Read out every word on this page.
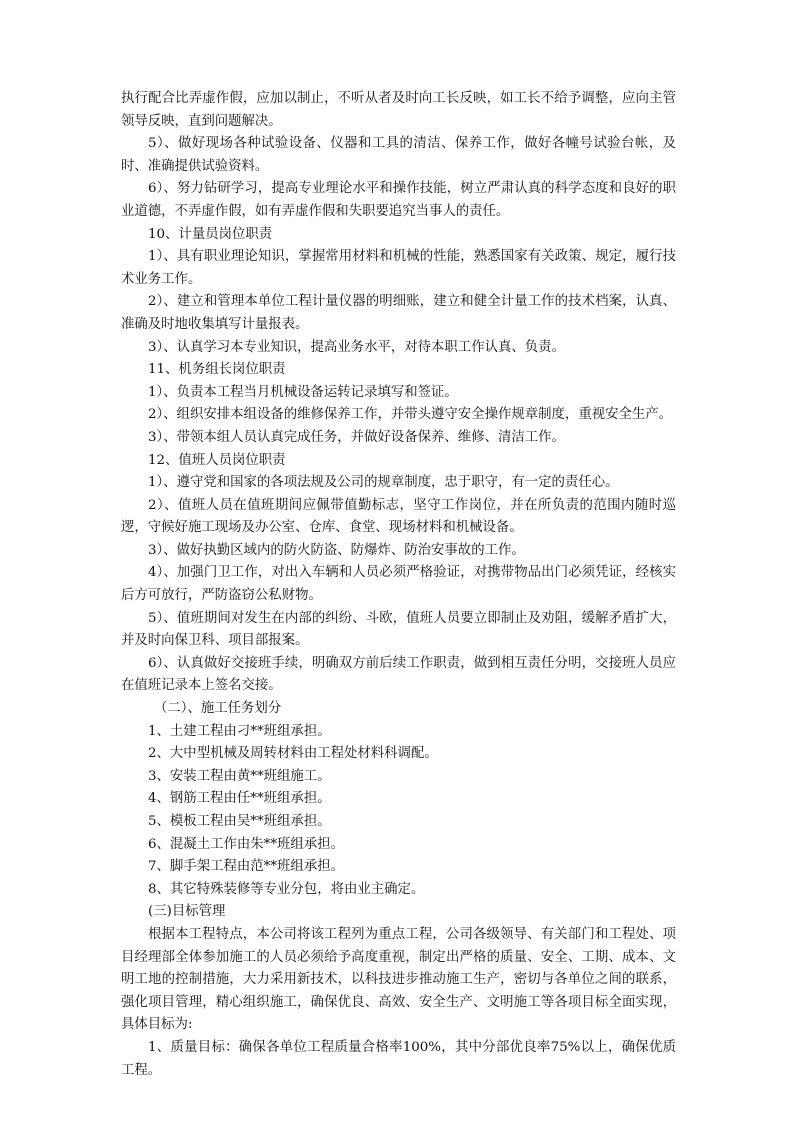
执行配合比弄虚作假，应加以制止，不听从者及时向工长反映，如工长不给予调整，应向主管领导反映，直到问题解决。

5）、做好现场各种试验设备、仪器和工具的清洁、保养工作，做好各幢号试验台帐，及时、准确提供试验资料。

6）、努力钻研学习，提高专业理论水平和操作技能，树立严肃认真的科学态度和良好的职业道德，不弄虚作假，如有弄虚作假和失职要追究当事人的责任。

10、计量员岗位职责

1）、具有职业理论知识，掌握常用材料和机械的性能，熟悉国家有关政策、规定，履行技术业务工作。

2）、建立和管理本单位工程计量仪器的明细账，建立和健全计量工作的技术档案，认真、准确及时地收集填写计量报表。

3）、认真学习本专业知识，提高业务水平，对待本职工作认真、负责。

11、机务组长岗位职责

1）、负责本工程当月机械设备运转记录填写和签证。

2）、组织安排本组设备的维修保养工作，并带头遵守安全操作规章制度，重视安全生产。

3）、带领本组人员认真完成任务，并做好设备保养、维修、清洁工作。

12、值班人员岗位职责

1）、遵守党和国家的各项法规及公司的规章制度，忠于职守，有一定的责任心。

2）、值班人员在值班期间应佩带值勤标志，坚守工作岗位，并在所负责的范围内随时巡逻，守候好施工现场及办公室、仓库、食堂、现场材料和机械设备。

3）、做好执勤区域内的防火防盗、防爆炸、防治安事故的工作。

4）、加强门卫工作，对出入车辆和人员必须严格验证，对携带物品出门必须凭证，经核实后方可放行，严防盗窃公私财物。

5）、值班期间对发生在内部的纠纷、斗欧，值班人员要立即制止及劝阻，缓解矛盾扩大，并及时向保卫科、项目部报案。

6）、认真做好交接班手续，明确双方前后续工作职责，做到相互责任分明，交接班人员应在值班记录本上签名交接。

（二）、施工任务划分

1、土建工程由刁**班组承担。

2、大中型机械及周转材料由工程处材料科调配。

3、安装工程由黄**班组施工。

4、钢筋工程由任**班组承担。

5、模板工程由吴**班组承担。

6、混凝土工作由朱**班组承担。

7、脚手架工程由范**班组承担。

8、其它特殊装修等专业分包，将由业主确定。

(三)目标管理

根据本工程特点，本公司将该工程列为重点工程，公司各级领导、有关部门和工程处、项目经理部全体参加施工的人员必须给予高度重视，制定出严格的质量、安全、工期、成本、文明工地的控制措施，大力采用新技术，以科技进步推动施工生产，密切与各单位之间的联系，强化项目管理，精心组织施工，确保优良、高效、安全生产、文明施工等各项目标全面实现，具体目标为:

1、质量目标：确保各单位工程质量合格率100%，其中分部优良率75%以上，确保优质工程。
